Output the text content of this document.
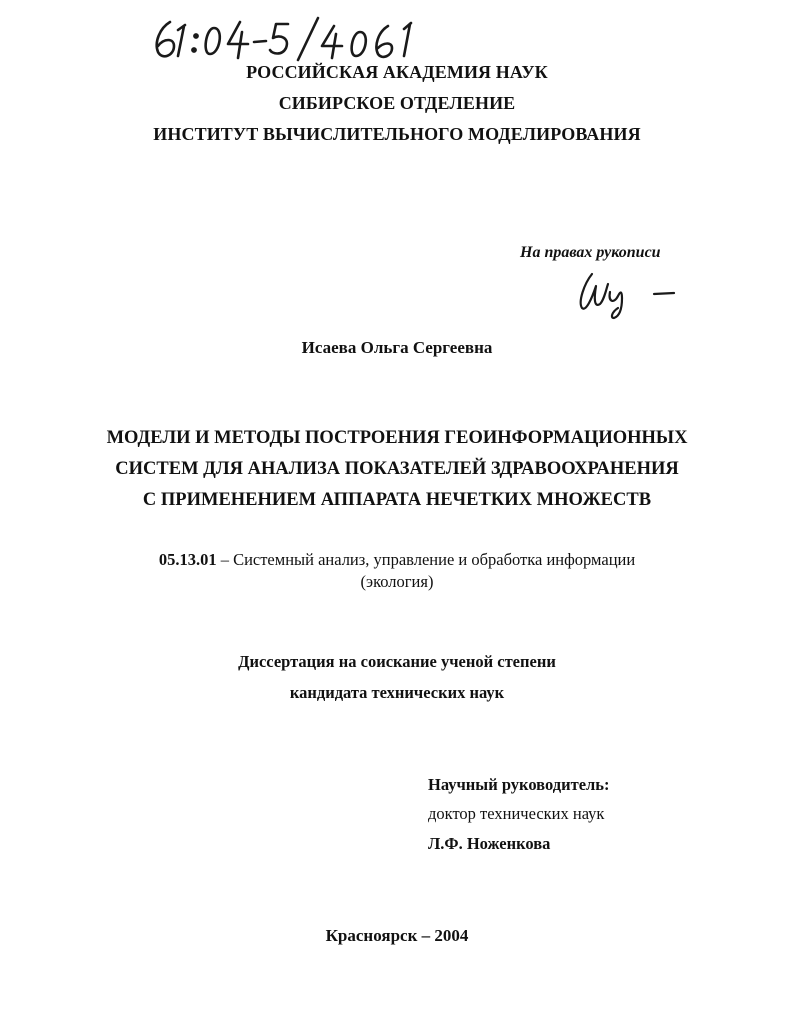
РОССИЙСКАЯ АКАДЕМИЯ НАУК
СИБИРСКОЕ ОТДЕЛЕНИЕ
ИНСТИТУТ ВЫЧИСЛИТЕЛЬНОГО МОДЕЛИРОВАНИЯ
На правах рукописи
Исаева Ольга Сергеевна
МОДЕЛИ И МЕТОДЫ ПОСТРОЕНИЯ ГЕОИНФОРМАЦИОННЫХ
СИСТЕМ ДЛЯ АНАЛИЗА ПОКАЗАТЕЛЕЙ ЗДРАВООХРАНЕНИЯ
С ПРИМЕНЕНИЕМ АППАРАТА НЕЧЕТКИХ МНОЖЕСТВ
05.13.01 – Системный анализ, управление и обработка информации
(экология)
Диссертация на соискание ученой степени
кандидата технических наук
Научный руководитель:
доктор технических наук
Л.Ф. Ноженкова
Красноярск – 2004
